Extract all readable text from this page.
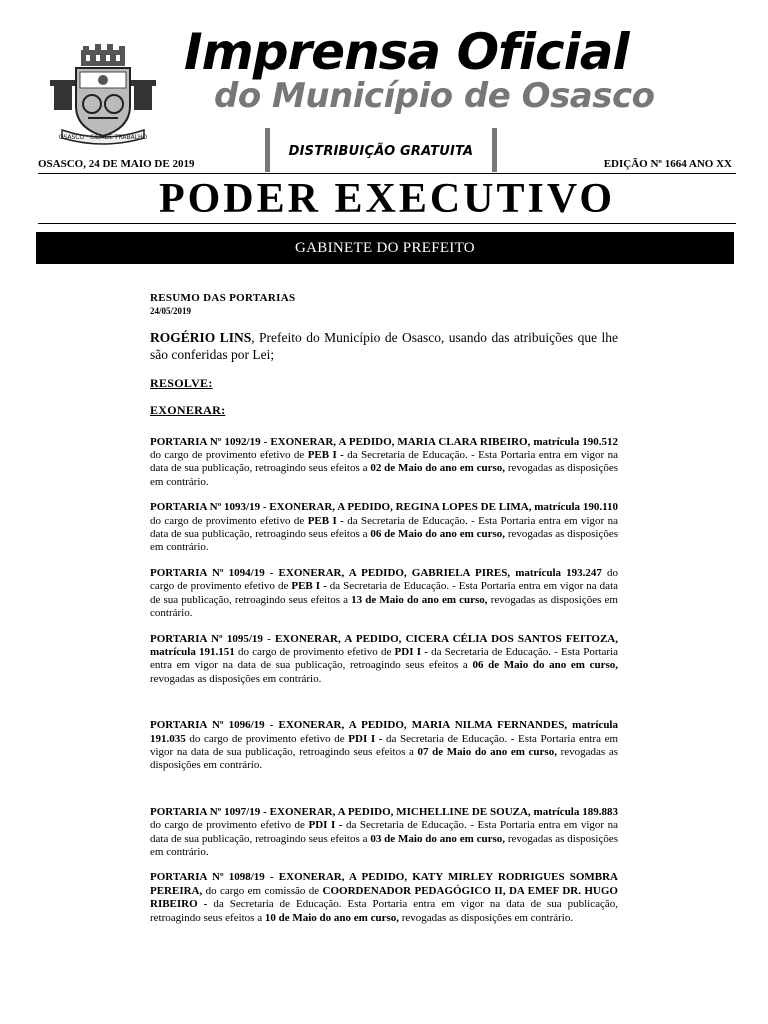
OSASCO · CIDADE TRABALHO
Imprensa Oficial
do Município de Osasco
DISTRIBUIÇÃO GRATUITA
OSASCO, 24 DE MAIO DE 2019	EDIÇÃO Nº 1664 ANO XX
PODER EXECUTIVO
GABINETE DO PREFEITO
RESUMO DAS PORTARIAS
24/05/2019
ROGÉRIO LINS, Prefeito do Município de Osasco, usando das atribuições que lhe são conferidas por Lei;
RESOLVE:
EXONERAR:

PORTARIA Nº 1092/19 - EXONERAR, A PEDIDO, MARIA CLARA RIBEIRO, matrícula 190.512 do cargo de provimento efetivo de PEB I - da Secretaria de Educação. - Esta Portaria entra em vigor na data de sua publicação, retroagindo seus efeitos a 02 de Maio do ano em curso, revogadas as disposições em contrário.

PORTARIA Nº 1093/19 - EXONERAR, A PEDIDO, REGINA LOPES DE LIMA, matrícula 190.110 do cargo de provimento efetivo de PEB I - da Secretaria de Educação. - Esta Portaria entra em vigor na data de sua publicação, retroagindo seus efeitos a 06 de Maio do ano em curso, revogadas as disposições em contrário.

PORTARIA Nº 1094/19 - EXONERAR, A PEDIDO, GABRIELA PIRES, matrícula 193.247 do cargo de provimento efetivo de PEB I - da Secretaria de Educação. - Esta Portaria entra em vigor na data de sua publicação, retroagindo seus efeitos a 13 de Maio do ano em curso, revogadas as disposições em contrário.

PORTARIA Nº 1095/19 - EXONERAR, A PEDIDO, CICERA CÉLIA DOS SANTOS FEITOZA, matrícula 191.151 do cargo de provimento efetivo de PDI I - da Secretaria de Educação. - Esta Portaria entra em vigor na data de sua publicação, retroagindo seus efeitos a 06 de Maio do ano em curso, revogadas as disposições em contrário.

PORTARIA Nº 1096/19 - EXONERAR, A PEDIDO, MARIA NILMA FERNANDES, matrícula 191.035 do cargo de provimento efetivo de PDI I - da Secretaria de Educação. - Esta Portaria entra em vigor na data de sua publicação, retroagindo seus efeitos a 07 de Maio do ano em curso, revogadas as disposições em contrário.

PORTARIA Nº 1097/19 - EXONERAR, A PEDIDO, MICHELLINE DE SOUZA, matrícula 189.883 do cargo de provimento efetivo de PDI I - da Secretaria de Educação. - Esta Portaria entra em vigor na data de sua publicação, retroagindo seus efeitos a 03 de Maio do ano em curso, revogadas as disposições em contrário.

PORTARIA Nº 1098/19 - EXONERAR, A PEDIDO, KATY MIRLEY RODRIGUES SOMBRA PEREIRA, do cargo em comissão de COORDENADOR PEDAGÓGICO II, DA EMEF DR. HUGO RIBEIRO - da Secretaria de Educação. Esta Portaria entra em vigor na data de sua publicação, retroagindo seus efeitos a 10 de Maio do ano em curso, revogadas as disposições em contrário.
